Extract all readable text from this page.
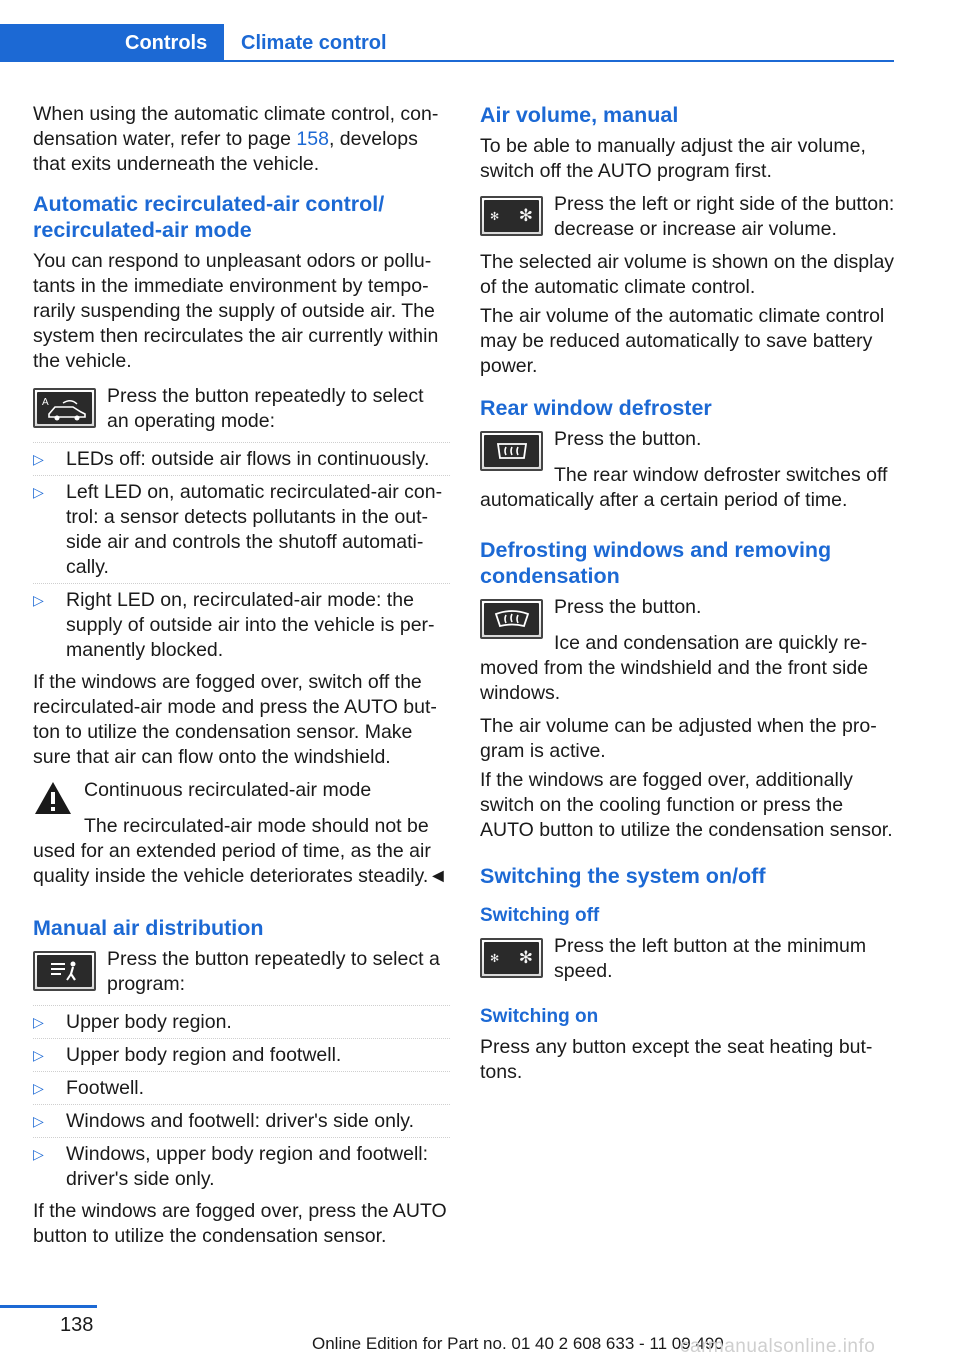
Controls	Climate control

When using the automatic climate control, con-densation water, refer to page 158, develops that exits underneath the vehicle.

Automatic recirculated-air control/ recirculated-air mode

You can respond to unpleasant odors or pollu-tants in the immediate environment by tempo-rarily suspending the supply of outside air. The system then recirculates the air currently within the vehicle.

A	Press the button repeatedly to select an operating mode:
▷ LEDs off: outside air flows in continuously.
▷ Left LED on, automatic recirculated-air con-trol: a sensor detects pollutants in the out-side air and controls the shutoff automati-cally.
▷ Right LED on, recirculated-air mode: the supply of outside air into the vehicle is per-manently blocked.

If the windows are fogged over, switch off the recirculated-air mode and press the AUTO but-ton to utilize the condensation sensor. Make sure that air can flow onto the windshield.

Continuous recirculated-air mode

The recirculated-air mode should not be used for an extended period of time, as the air quality inside the vehicle deteriorates steadily.◄

Manual air distribution
Press the button repeatedly to select a program:
▷ Upper body region.
▷ Upper body region and footwell.
▷ Footwell.
▷ Windows and footwell: driver's side only.
▷ Windows, upper body region and footwell: driver's side only.

If the windows are fogged over, press the AUTO button to utilize the condensation sensor.

Air volume, manual

To be able to manually adjust the air volume, switch off the AUTO program first.

✻ ✻
Press the left or right side of the button: decrease or increase air volume.

The selected air volume is shown on the display of the automatic climate control.

The air volume of the automatic climate control may be reduced automatically to save battery power.

Rear window defroster
Press the button.

The rear window defroster switches off automatically after a certain period of time.

Defrosting windows and removing condensation
Press the button.

Ice and condensation are quickly re-moved from the windshield and the front side windows.

The air volume can be adjusted when the pro-gram is active.

If the windows are fogged over, additionally switch on the cooling function or press the AUTO button to utilize the condensation sensor.

Switching the system on/off
Switching off
✻ ✻
Press the left button at the minimum speed.
Switching on

Press any button except the seat heating but-tons.

138
Online Edition for Part no. 01 40 2 608 633 - 11 09 490
carmanualsonline.info
